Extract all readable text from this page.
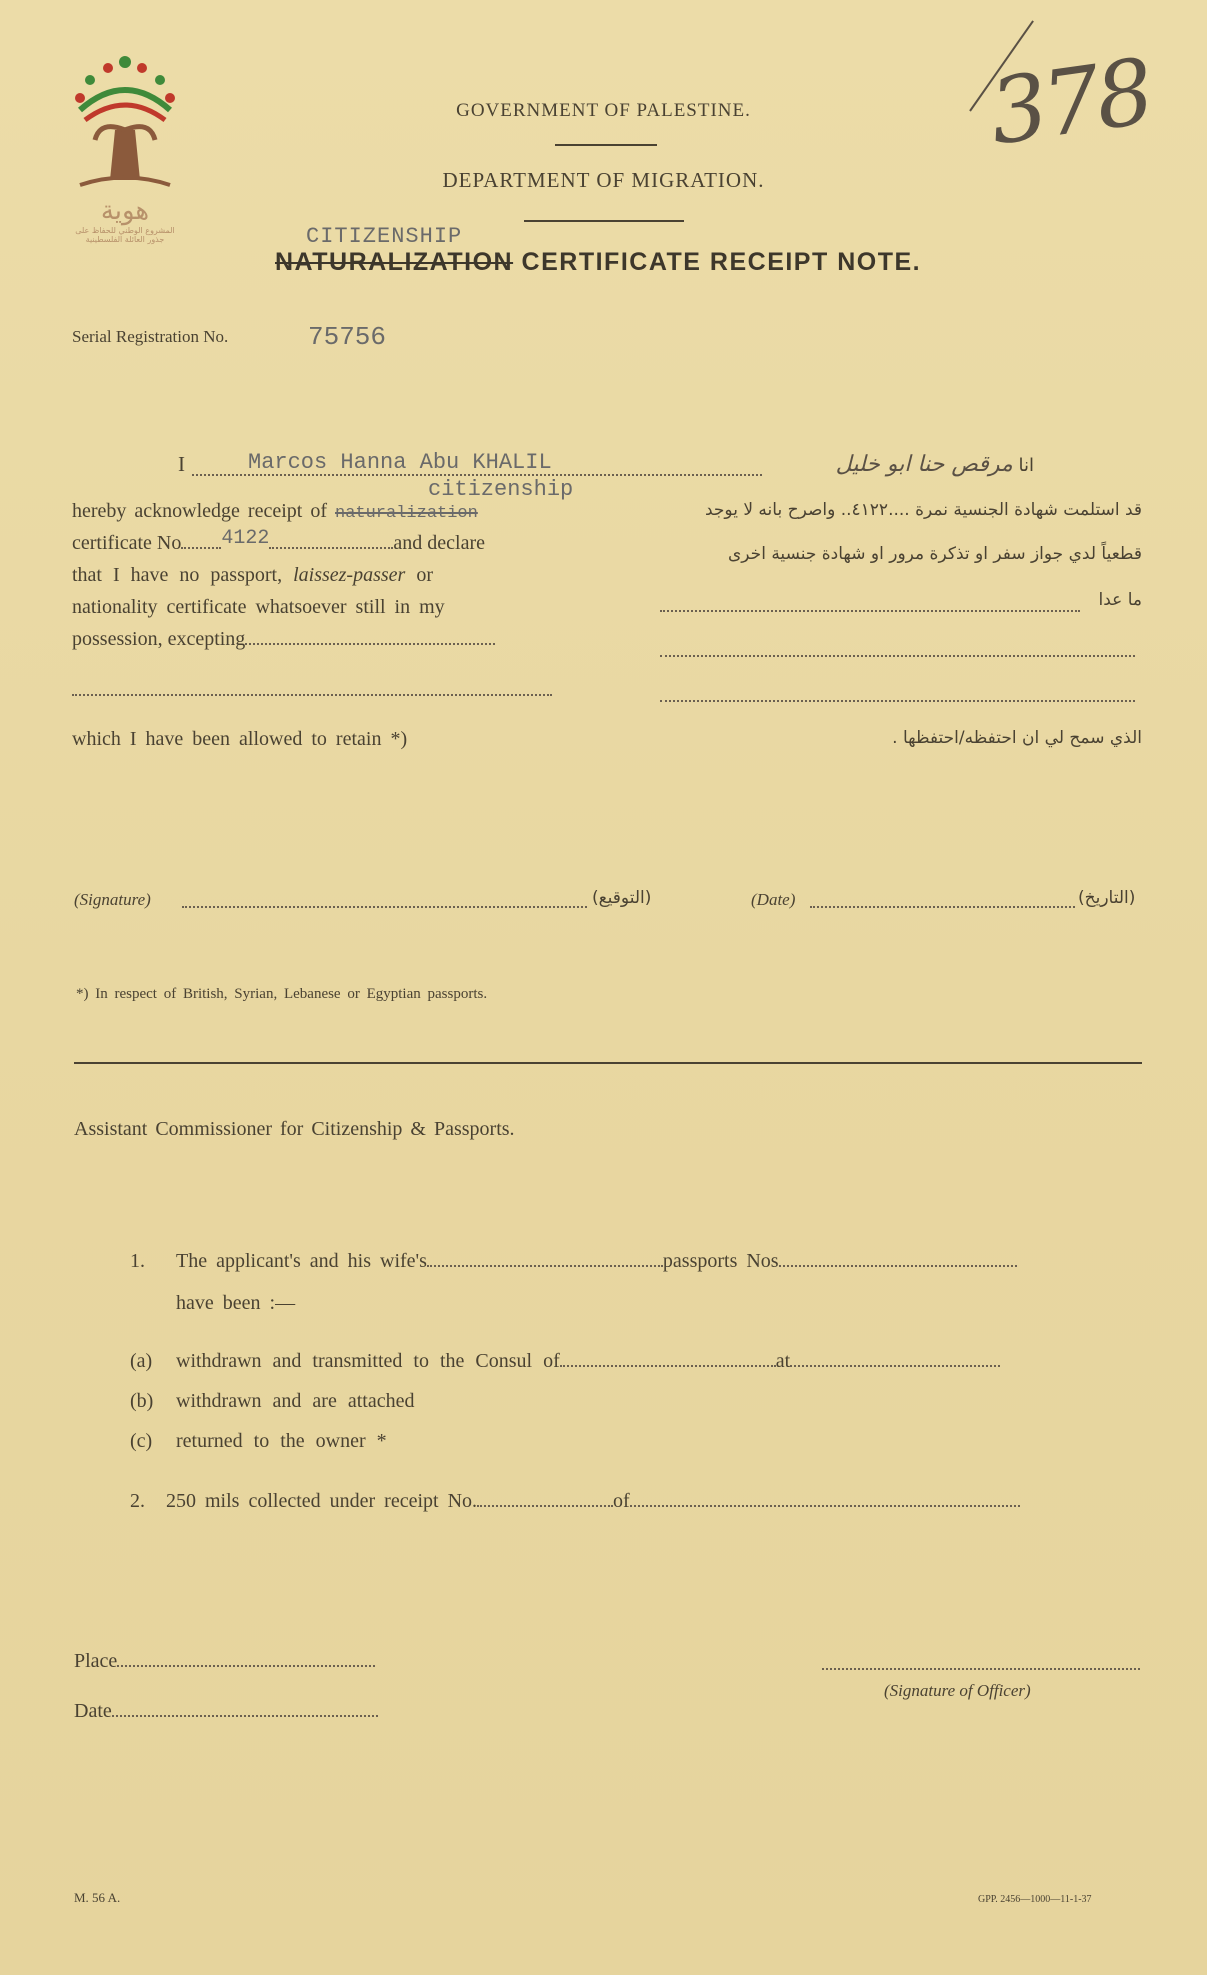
هوية
المشروع الوطني للحفاظ على
جذور العائلة الفلسطينية
378
GOVERNMENT OF PALESTINE.
DEPARTMENT OF MIGRATION.
CITIZENSHIP
NATURALIZATION CERTIFICATE RECEIPT NOTE.
Serial Registration No.	75756
I	Marcos Hanna Abu KHALIL
citizenship
hereby acknowledge receipt of naturalization
certificate No 4122	and declare
that I have no passport, laissez-passer or
nationality certificate whatsoever still in my
possession, excepting
which I have been allowed to retain *)
انا مرقص حنا ابو خليل
قد استلمت شهادة الجنسية نمرة ....٤١٢٢.. واصرح بانه لا يوجد
قطعياً لدي جواز سفر او تذكرة مرور او شهادة جنسية اخرى
ما عدا
الذي سمح لي ان احتفظه/احتفظها .
(Signature)	(التوقيع)	(Date)	(التاريخ)
*) In respect of British, Syrian, Lebanese or Egyptian passports.
Assistant Commissioner for Citizenship & Passports.
1. The applicant's and his wife's	passports Nos
have been :—
(a) withdrawn and transmitted to the Consul of	at
(b) withdrawn and are attached
(c) returned to the owner *
2. 250 mils collected under receipt No.	of
Place
Date
(Signature of Officer)
M. 56 A.	GPP. 2456—1000—11-1-37
